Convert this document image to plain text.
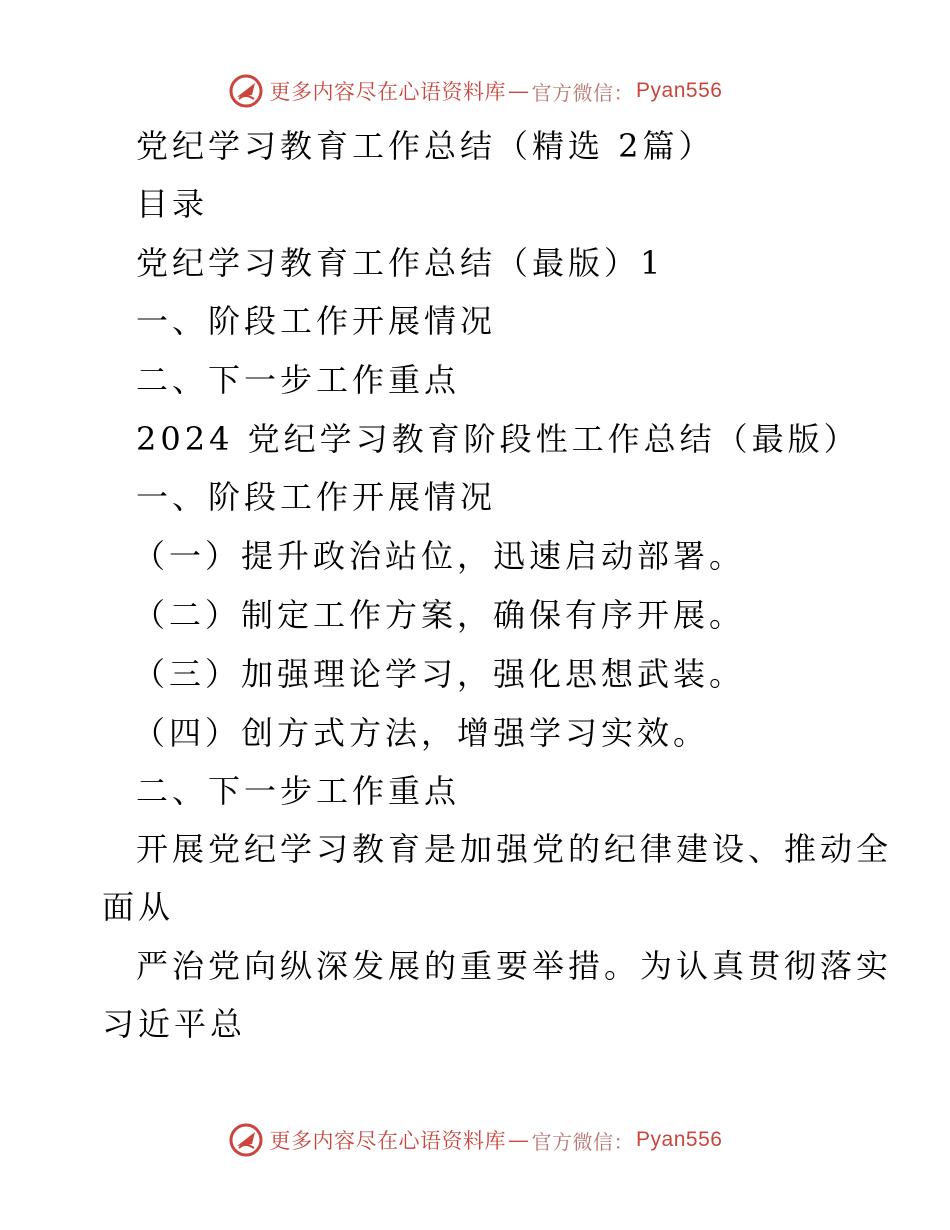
更多内容尽在心语资料库 — 官方微信： Pyan556
党纪学习教育工作总结（精选 2篇）
目录
党纪学习教育工作总结（最版）1
一、阶段工作开展情况
二、下一步工作重点
2024 党纪学习教育阶段性工作总结（最版）
一、阶段工作开展情况
（一）提升政治站位，迅速启动部署。
（二）制定工作方案，确保有序开展。
（三）加强理论学习，强化思想武装。
（四）创方式方法，增强学习实效。
二、下一步工作重点
开展党纪学习教育是加强党的纪律建设、推动全
面从
严治党向纵深发展的重要举措。为认真贯彻落实
习近平总
更多内容尽在心语资料库 — 官方微信： Pyan556
